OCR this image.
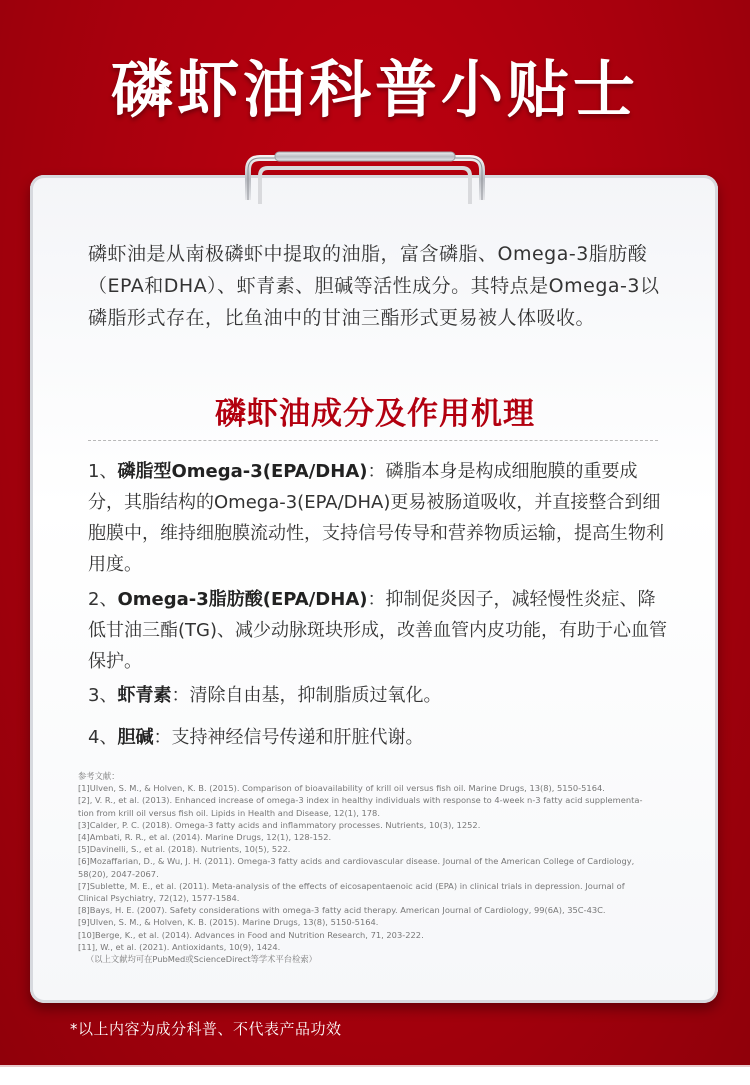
磷虾油科普小贴士
磷虾油是从南极磷虾中提取的油脂，富含磷脂、Omega-3脂肪酸（EPA和DHA）、虾青素、胆碱等活性成分。其特点是Omega-3以磷脂形式存在，比鱼油中的甘油三酯形式更易被人体吸收。
磷虾油成分及作用机理
1、磷脂型Omega-3(EPA/DHA)：磷脂本身是构成细胞膜的重要成分，其脂结构的Omega-3(EPA/DHA)更易被肠道吸收，并直接整合到细胞膜中，维持细胞膜流动性，支持信号传导和营养物质运输，提高生物利用度。
2、Omega-3脂肪酸(EPA/DHA)：抑制促炎因子，减轻慢性炎症、降低甘油三酯(TG)、减少动脉斑块形成，改善血管内皮功能，有助于心血管保护。
3、虾青素：清除自由基，抑制脂质过氧化。
4、胆碱：支持神经信号传递和肝脏代谢。
参考文献：
[1]Ulven, S. M., & Holven, K. B. (2015). Comparison of bioavailability of krill oil versus fish oil. Marine Drugs, 13(8), 5150-5164.
[2], V. R., et al. (2013). Enhanced increase of omega-3 index in healthy individuals with response to 4-week n-3 fatty acid supplementa-
tion from krill oil versus fish oil. Lipids in Health and Disease, 12(1), 178.
[3]Calder, P. C. (2018). Omega-3 fatty acids and inflammatory processes. Nutrients, 10(3), 1252.
[4]Ambati, R. R., et al. (2014). Marine Drugs, 12(1), 128-152.
[5]Davinelli, S., et al. (2018). Nutrients, 10(5), 522.
[6]Mozaffarian, D., & Wu, J. H. (2011). Omega-3 fatty acids and cardiovascular disease. Journal of the American College of Cardiology,
58(20), 2047-2067.
[7]Sublette, M. E., et al. (2011). Meta-analysis of the effects of eicosapentaenoic acid (EPA) in clinical trials in depression. Journal of
Clinical Psychiatry, 72(12), 1577-1584.
[8]Bays, H. E. (2007). Safety considerations with omega-3 fatty acid therapy. American Journal of Cardiology, 99(6A), 35C-43C.
[9]Ulven, S. M., & Holven, K. B. (2015). Marine Drugs, 13(8), 5150-5164.
[10]Berge, K., et al. (2014). Advances in Food and Nutrition Research, 71, 203-222.
[11], W., et al. (2021). Antioxidants, 10(9), 1424.
（以上文献均可在PubMed或ScienceDirect等学术平台检索）
*以上内容为成分科普、不代表产品功效
